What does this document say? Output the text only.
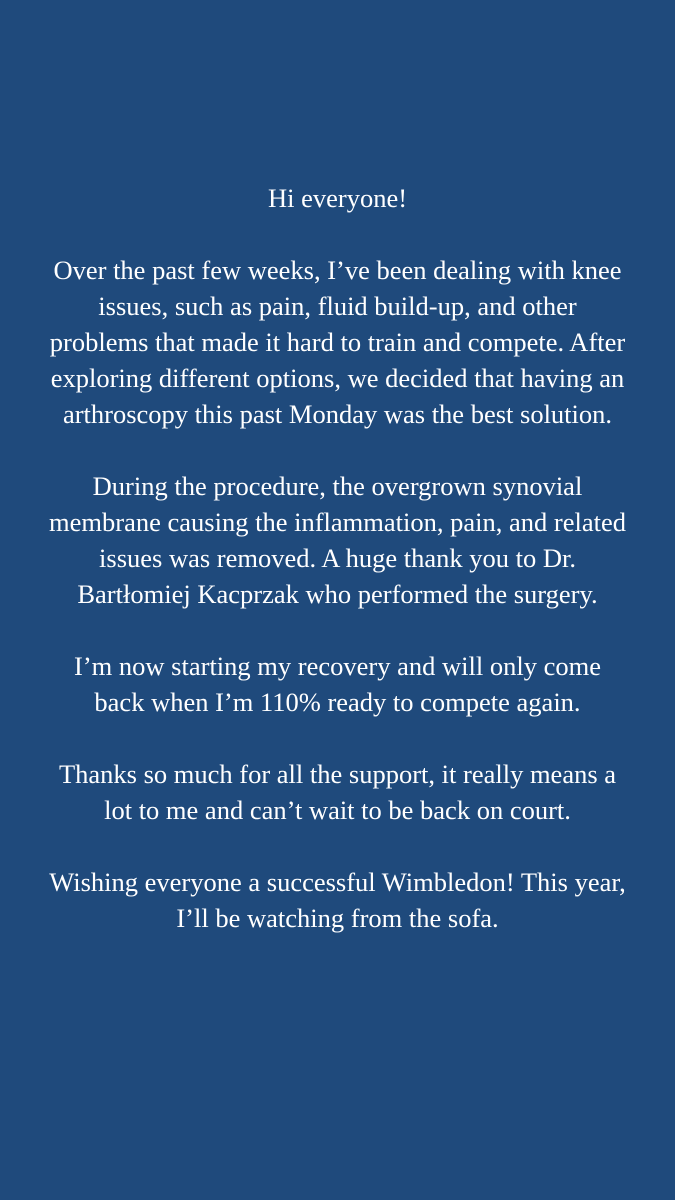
Hi everyone!

Over the past few weeks, I’ve been dealing with knee issues, such as pain, fluid build-up, and other problems that made it hard to train and compete. After exploring different options, we decided that having an arthroscopy this past Monday was the best solution.

During the procedure, the overgrown synovial membrane causing the inflammation, pain, and related issues was removed. A huge thank you to Dr. Bartłomiej Kacprzak who performed the surgery.

I’m now starting my recovery and will only come back when I’m 110% ready to compete again.

Thanks so much for all the support, it really means a lot to me and can’t wait to be back on court.

Wishing everyone a successful Wimbledon! This year, I’ll be watching from the sofa.
